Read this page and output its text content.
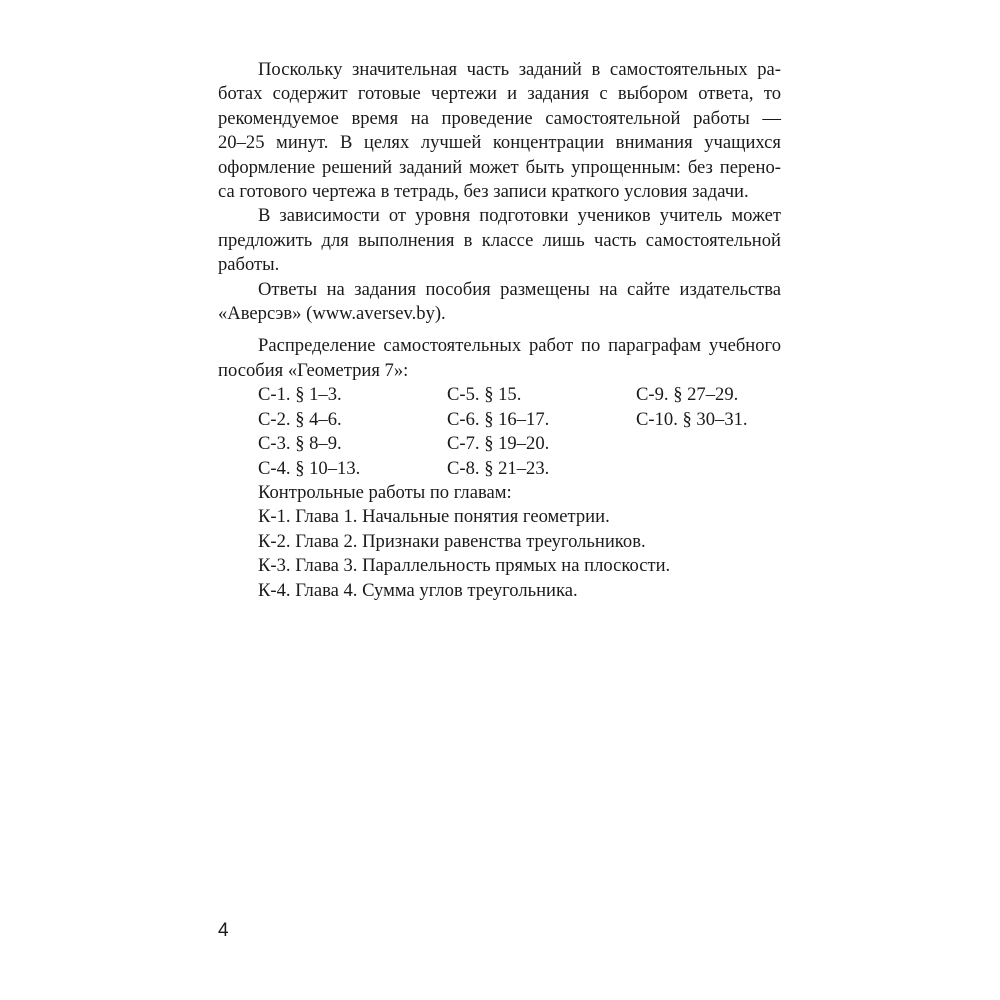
Поскольку значительная часть заданий в самостоятельных ра-
ботах содержит готовые чертежи и задания с выбором ответа, то
рекомендуемое время на проведение самостоятельной работы —
20–25 минут. В целях лучшей концентрации внимания учащихся
оформление решений заданий может быть упрощенным: без перено-
са готового чертежа в тетрадь, без записи краткого условия задачи.

В зависимости от уровня подготовки учеников учитель может
предложить для выполнения в классе лишь часть самостоятельной
работы.

Ответы на задания пособия размещены на сайте издательства
«Аверсэв» (www.aversev.by).

Распределение самостоятельных работ по параграфам учебного
пособия «Геометрия 7»:

С-1. § 1–3.
С-2. § 4–6.
С-3. § 8–9.
С-4. § 10–13.
С-5. § 15.
С-6. § 16–17.
С-7. § 19–20.
С-8. § 21–23.
С-9. § 27–29.
С-10. § 30–31.
Контрольные работы по главам:
К-1. Глава 1. Начальные понятия геометрии.
К-2. Глава 2. Признаки равенства треугольников.
К-3. Глава 3. Параллельность прямых на плоскости.
К-4. Глава 4. Сумма углов треугольника.
4
